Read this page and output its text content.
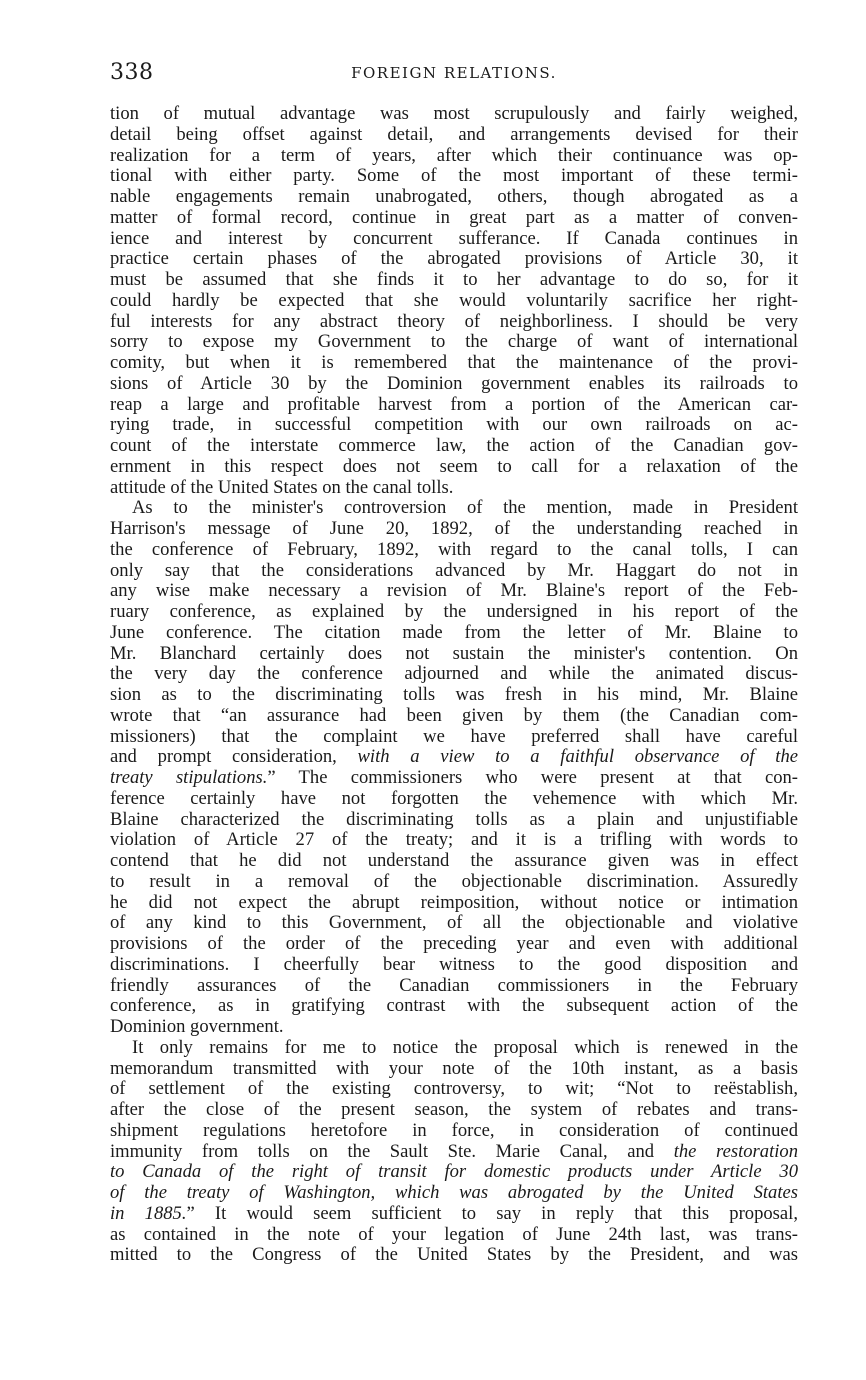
338	FOREIGN RELATIONS.
tion of mutual advantage was most scrupulously and fairly weighed,
detail being offset against detail, and arrangements devised for their
realization for a term of years, after which their continuance was op-
tional with either party. Some of the most important of these termi-
nable engagements remain unabrogated, others, though abrogated as a
matter of formal record, continue in great part as a matter of conven-
ience and interest by concurrent sufferance. If Canada continues in
practice certain phases of the abrogated provisions of Article 30, it
must be assumed that she finds it to her advantage to do so, for it
could hardly be expected that she would voluntarily sacrifice her right-
ful interests for any abstract theory of neighborliness. I should be very
sorry to expose my Government to the charge of want of international
comity, but when it is remembered that the maintenance of the provi-
sions of Article 30 by the Dominion government enables its railroads to
reap a large and profitable harvest from a portion of the American car-
rying trade, in successful competition with our own railroads on ac-
count of the interstate commerce law, the action of the Canadian gov-
ernment in this respect does not seem to call for a relaxation of the
attitude of the United States on the canal tolls.
As to the minister's controversion of the mention, made in President
Harrison's message of June 20, 1892, of the understanding reached in
the conference of February, 1892, with regard to the canal tolls, I can
only say that the considerations advanced by Mr. Haggart do not in
any wise make necessary a revision of Mr. Blaine's report of the Feb-
ruary conference, as explained by the undersigned in his report of the
June conference. The citation made from the letter of Mr. Blaine to
Mr. Blanchard certainly does not sustain the minister's contention. On
the very day the conference adjourned and while the animated discus-
sion as to the discriminating tolls was fresh in his mind, Mr. Blaine
wrote that “an assurance had been given by them (the Canadian com-
missioners) that the complaint we have preferred shall have careful
and prompt consideration, with a view to a faithful observance of the
treaty stipulations.” The commissioners who were present at that con-
ference certainly have not forgotten the vehemence with which Mr.
Blaine characterized the discriminating tolls as a plain and unjustifiable
violation of Article 27 of the treaty; and it is a trifling with words to
contend that he did not understand the assurance given was in effect
to result in a removal of the objectionable discrimination. Assuredly
he did not expect the abrupt reimposition, without notice or intimation
of any kind to this Government, of all the objectionable and violative
provisions of the order of the preceding year and even with additional
discriminations. I cheerfully bear witness to the good disposition and
friendly assurances of the Canadian commissioners in the February
conference, as in gratifying contrast with the subsequent action of the
Dominion government.
It only remains for me to notice the proposal which is renewed in the
memorandum transmitted with your note of the 10th instant, as a basis
of settlement of the existing controversy, to wit; “Not to reëstablish,
after the close of the present season, the system of rebates and trans-
shipment regulations heretofore in force, in consideration of continued
immunity from tolls on the Sault Ste. Marie Canal, and the restoration
to Canada of the right of transit for domestic products under Article 30
of the treaty of Washington, which was abrogated by the United States
in 1885.” It would seem sufficient to say in reply that this proposal,
as contained in the note of your legation of June 24th last, was trans-
mitted to the Congress of the United States by the President, and was
